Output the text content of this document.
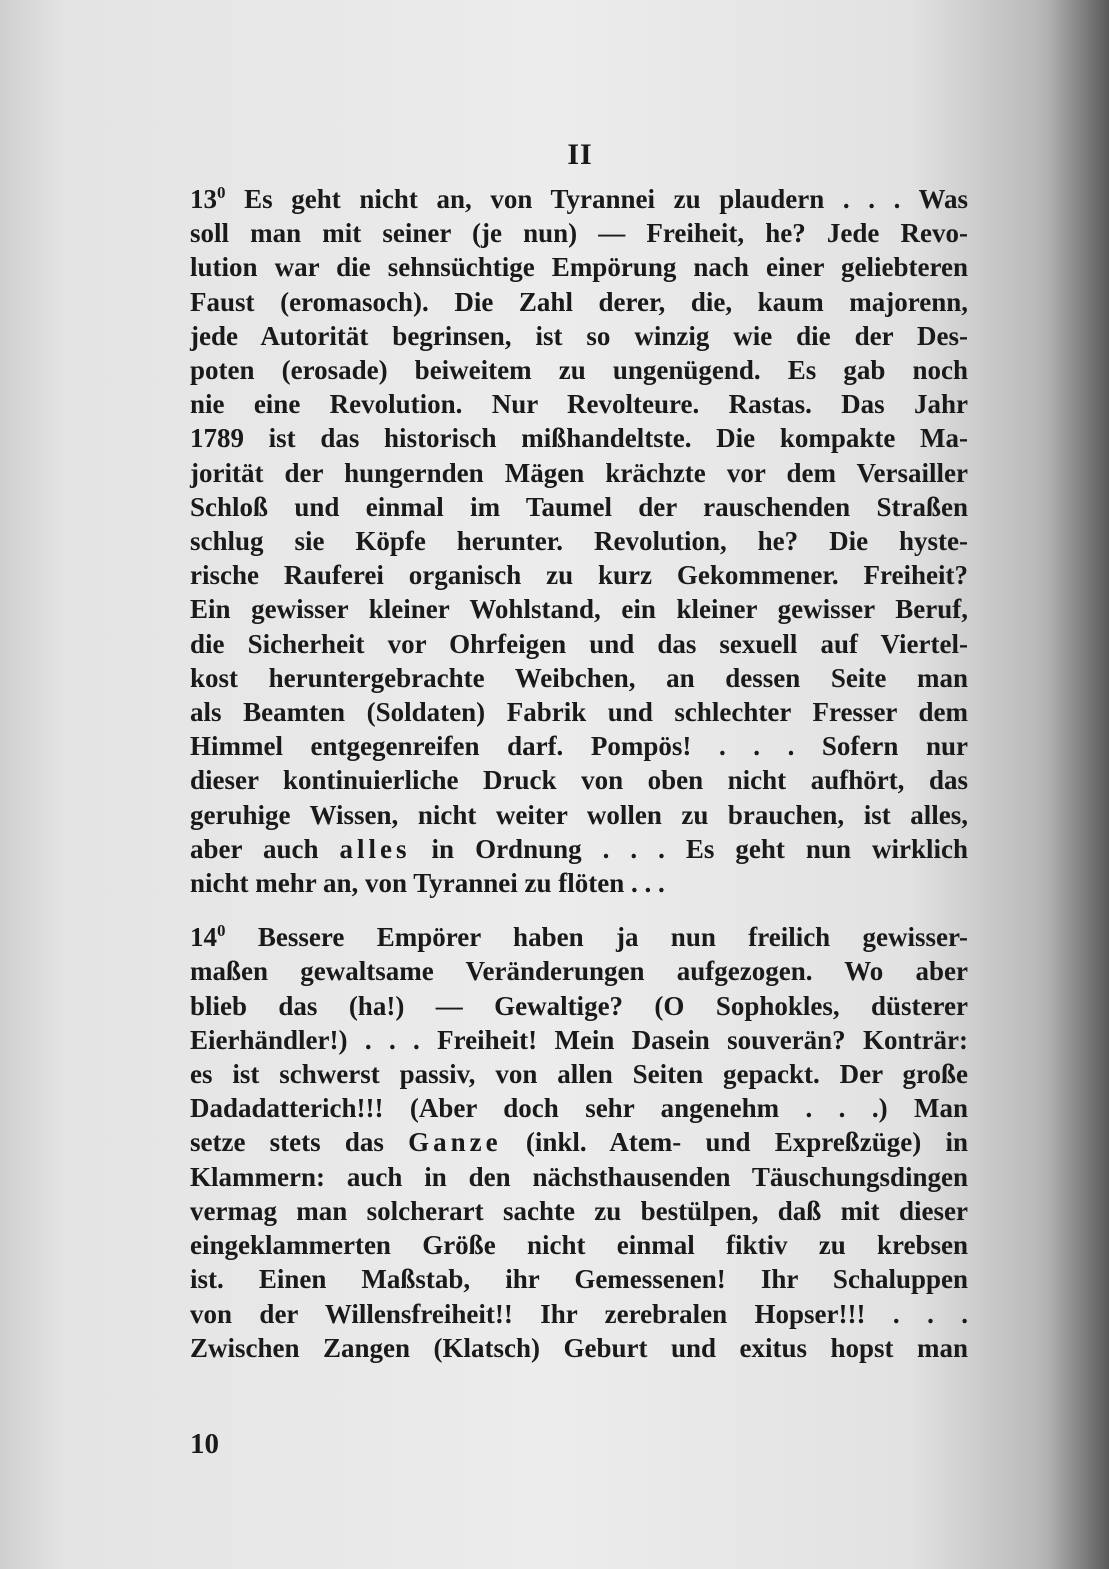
II
$13^0$ Es geht nicht an, von Tyrannei zu plaudern . . . Was
soll man mit seiner (je nun) — Freiheit, he? Jede Revo-
lution war die sehnsüchtige Empörung nach einer geliebteren
Faust (eromasoch). Die Zahl derer, die, kaum majorenn,
jede Autorität begrinsen, ist so winzig wie die der Des-
poten (erosade) beiweitem zu ungenügend. Es gab noch
nie eine Revolution. Nur Revolteure. Rastas. Das Jahr
1789 ist das historisch mißhandeltste. Die kompakte Ma-
jorität der hungernden Mägen krächzte vor dem Versailler
Schloß und einmal im Taumel der rauschenden Straßen
schlug sie Köpfe herunter. Revolution, he? Die hyste-
rische Rauferei organisch zu kurz Gekommener. Freiheit?
Ein gewisser kleiner Wohlstand, ein kleiner gewisser Beruf,
die Sicherheit vor Ohrfeigen und das sexuell auf Viertel-
kost heruntergebrachte Weibchen, an dessen Seite man
als Beamten (Soldaten) Fabrik und schlechter Fresser dem
Himmel entgegenreifen darf. Pompös! . . . Sofern nur
dieser kontinuierliche Druck von oben nicht aufhört, das
geruhige Wissen, nicht weiter wollen zu brauchen, ist alles,
aber auch alles in Ordnung . . . Es geht nun wirklich
nicht mehr an, von Tyrannei zu flöten . . .
$14^0$ Bessere Empörer haben ja nun freilich gewisser-
maßen gewaltsame Veränderungen aufgezogen. Wo aber
blieb das (ha!) — Gewaltige? (O Sophokles, düsterer
Eierhändler!) . . . Freiheit! Mein Dasein souverän? Konträr:
es ist schwerst passiv, von allen Seiten gepackt. Der große
Dadadatterich!!! (Aber doch sehr angenehm . . .) Man
setze stets das Ganze (inkl. Atem- und Expreßzüge) in
Klammern: auch in den nächsthausenden Täuschungsdingen
vermag man solcherart sachte zu bestülpen, daß mit dieser
eingeklammerten Größe nicht einmal fiktiv zu krebsen
ist. Einen Maßstab, ihr Gemessenen! Ihr Schaluppen
von der Willensfreiheit!! Ihr zerebralen Hopser!!! . . .
Zwischen Zangen (Klatsch) Geburt und exitus hopst man
10
